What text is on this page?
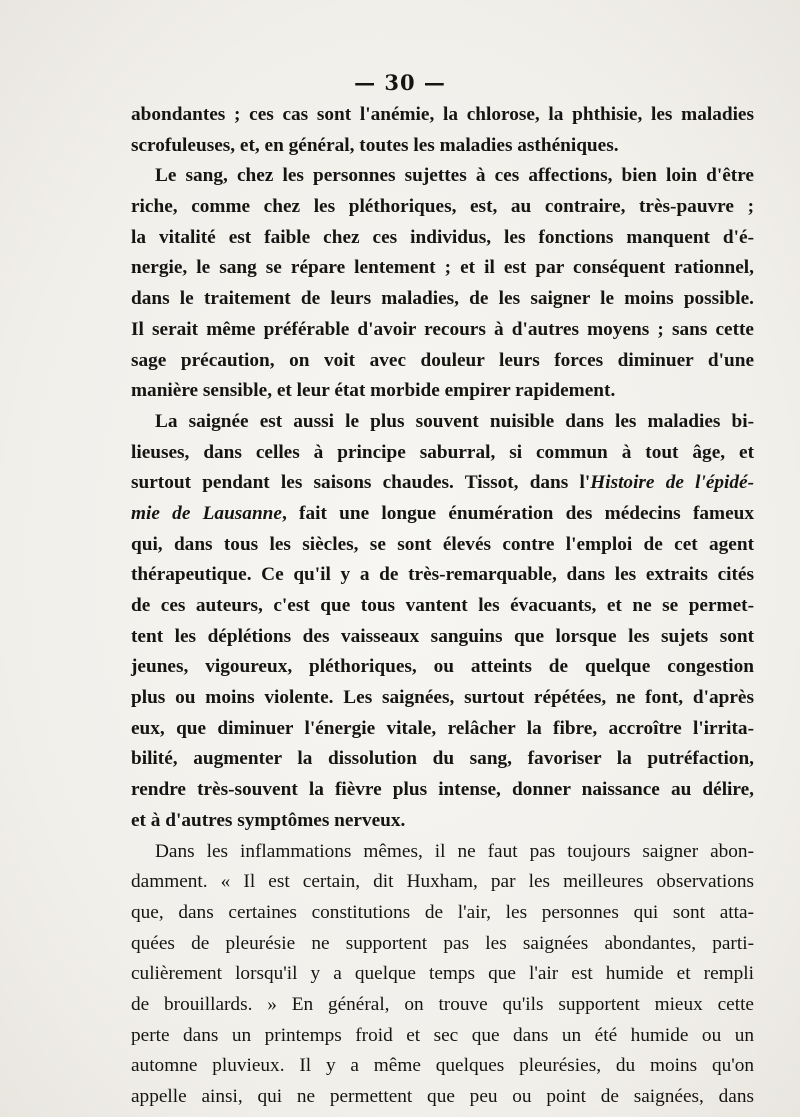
— 30 —
abondantes ; ces cas sont l'anémie, la chlorose, la phthisie, les maladies
scrofuleuses, et, en général, toutes les maladies asthéniques.
Le sang, chez les personnes sujettes à ces affections, bien loin d'être
riche, comme chez les pléthoriques, est, au contraire, très-pauvre ;
la vitalité est faible chez ces individus, les fonctions manquent d'é-
nergie, le sang se répare lentement ; et il est par conséquent rationnel,
dans le traitement de leurs maladies, de les saigner le moins possible.
Il serait même préférable d'avoir recours à d'autres moyens ; sans cette
sage précaution, on voit avec douleur leurs forces diminuer d'une
manière sensible, et leur état morbide empirer rapidement.
La saignée est aussi le plus souvent nuisible dans les maladies bi-
lieuses, dans celles à principe saburral, si commun à tout âge, et
surtout pendant les saisons chaudes. Tissot, dans l'Histoire de l'épidé-
mie de Lausanne, fait une longue énumération des médecins fameux
qui, dans tous les siècles, se sont élevés contre l'emploi de cet agent
thérapeutique. Ce qu'il y a de très-remarquable, dans les extraits cités
de ces auteurs, c'est que tous vantent les évacuants, et ne se permet-
tent les déplétions des vaisseaux sanguins que lorsque les sujets sont
jeunes, vigoureux, pléthoriques, ou atteints de quelque congestion
plus ou moins violente. Les saignées, surtout répétées, ne font, d'après
eux, que diminuer l'énergie vitale, relâcher la fibre, accroître l'irrita-
bilité, augmenter la dissolution du sang, favoriser la putréfaction,
rendre très-souvent la fièvre plus intense, donner naissance au délire,
et à d'autres symptômes nerveux.
Dans les inflammations mêmes, il ne faut pas toujours saigner abon-
damment. « Il est certain, dit Huxham, par les meilleures observations
que, dans certaines constitutions de l'air, les personnes qui sont atta-
quées de pleurésie ne supportent pas les saignées abondantes, parti-
culièrement lorsqu'il y a quelque temps que l'air est humide et rempli
de brouillards. » En général, on trouve qu'ils supportent mieux cette
perte dans un printemps froid et sec que dans un été humide ou un
automne pluvieux. Il y a même quelques pleurésies, du moins qu'on
appelle ainsi, qui ne permettent que peu ou point de saignées, dans
